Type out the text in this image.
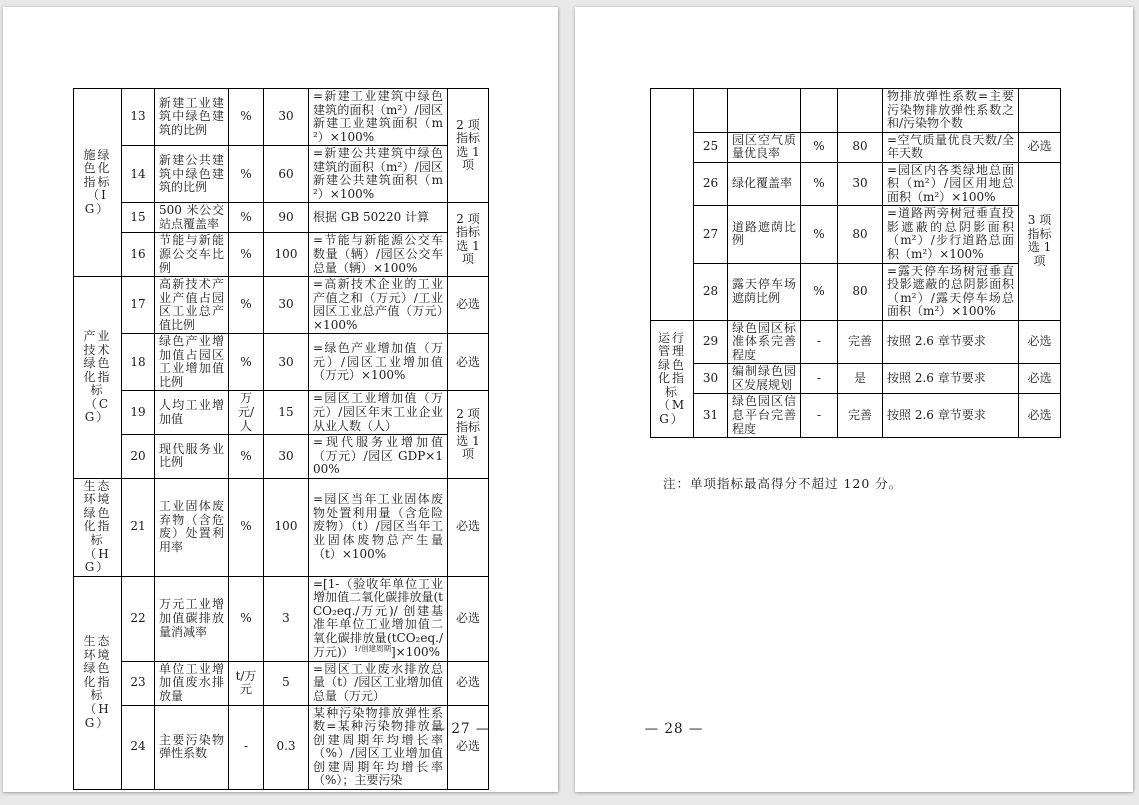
施绿色化指标（IG）	13	新建工业建筑中绿色建筑的比例	%	30	=新建工业建筑中绿色建筑的面积（m²）/园区新建工业建筑面积（m²）×100%	2 项指标选 1 项
	14	新建公共建筑中绿色建筑的比例	%	60	=新建公共建筑中绿色建筑的面积（m²）/园区新建公共建筑面积（m²）×100%	
	15	500 米公交站点覆盖率	%	90	根据 GB 50220 计算	2 项指标选 1 项
	16	节能与新能源公交车比例	%	100	=节能与新能源公交车数量（辆）/园区公交车总量（辆）×100%	
产业技术绿色化指标（CG）	17	高新技术产业产值占园区工业总产值比例	%	30	=高新技术企业的工业产值之和（万元）/工业园区工业总产值（万元）×100%	必选
	18	绿色产业增加值占园区工业增加值比例	%	30	=绿色产业增加值（万元）/园区工业增加值（万元）×100%	必选
	19	人均工业增加值	万元/人	15	=园区工业增加值（万元）/园区年末工业企业从业人数（人）	2 项指标选 1 项
	20	现代服务业比例	%	30	=现代服务业增加值（万元）/园区 GDP×100%	
生态环境绿色化指标（HG）	21	工业固体废弃物（含危废）处置利用率	%	100	=园区当年工业固体废物处置利用量（含危险废物）（t）/园区当年工业固体废物总产生量（t）×100%	必选
生态环境绿色化指标（HG）	22	万元工业增加值碳排放量消减率	%	3	=[1-（验收年单位工业增加值二氧化碳排放量(tCO₂eq./万元)/ 创建基准年单位工业增加值二氧化碳排放量(tCO₂eq./万元)）$^{1/创建周期}$]×100%	必选
	23	单位工业增加值废水排放量	t/万元	5	=园区工业废水排放总量（t）/园区工业增加值总量（万元）	必选
	24	主要污染物弹性系数	-	0.3	某种污染物排放弹性系数=某种污染物排放量创建周期年均增长率（%）/园区工业增加值创建周期年均增长率（%）；主要污染	必选
— 27 —
					物排放弹性系数=主要污染物排放弹性系数之和/污染物个数	
	25	园区空气质量优良率	%	80	=空气质量优良天数/全年天数	必选
	26	绿化覆盖率	%	30	=园区内各类绿地总面积（m²）/园区用地总面积（m²）×100%	3 项指标选 1 项
	27	道路遮荫比例	%	80	=道路两旁树冠垂直投影遮蔽的总阴影面积（m²）/步行道路总面积（m²）×100%	
	28	露天停车场遮荫比例	%	80	=露天停车场树冠垂直投影遮蔽的总阴影面积（m²）/露天停车场总面积（m²）×100%	
运行管理绿色化指标（MG）	29	绿色园区标准体系完善程度	-	完善	按照 2.6 章节要求	必选
	30	编制绿色园区发展规划	-	是	按照 2.6 章节要求	必选
	31	绿色园区信息平台完善程度	-	完善	按照 2.6 章节要求	必选
注：单项指标最高得分不超过 120 分。
— 28 —
